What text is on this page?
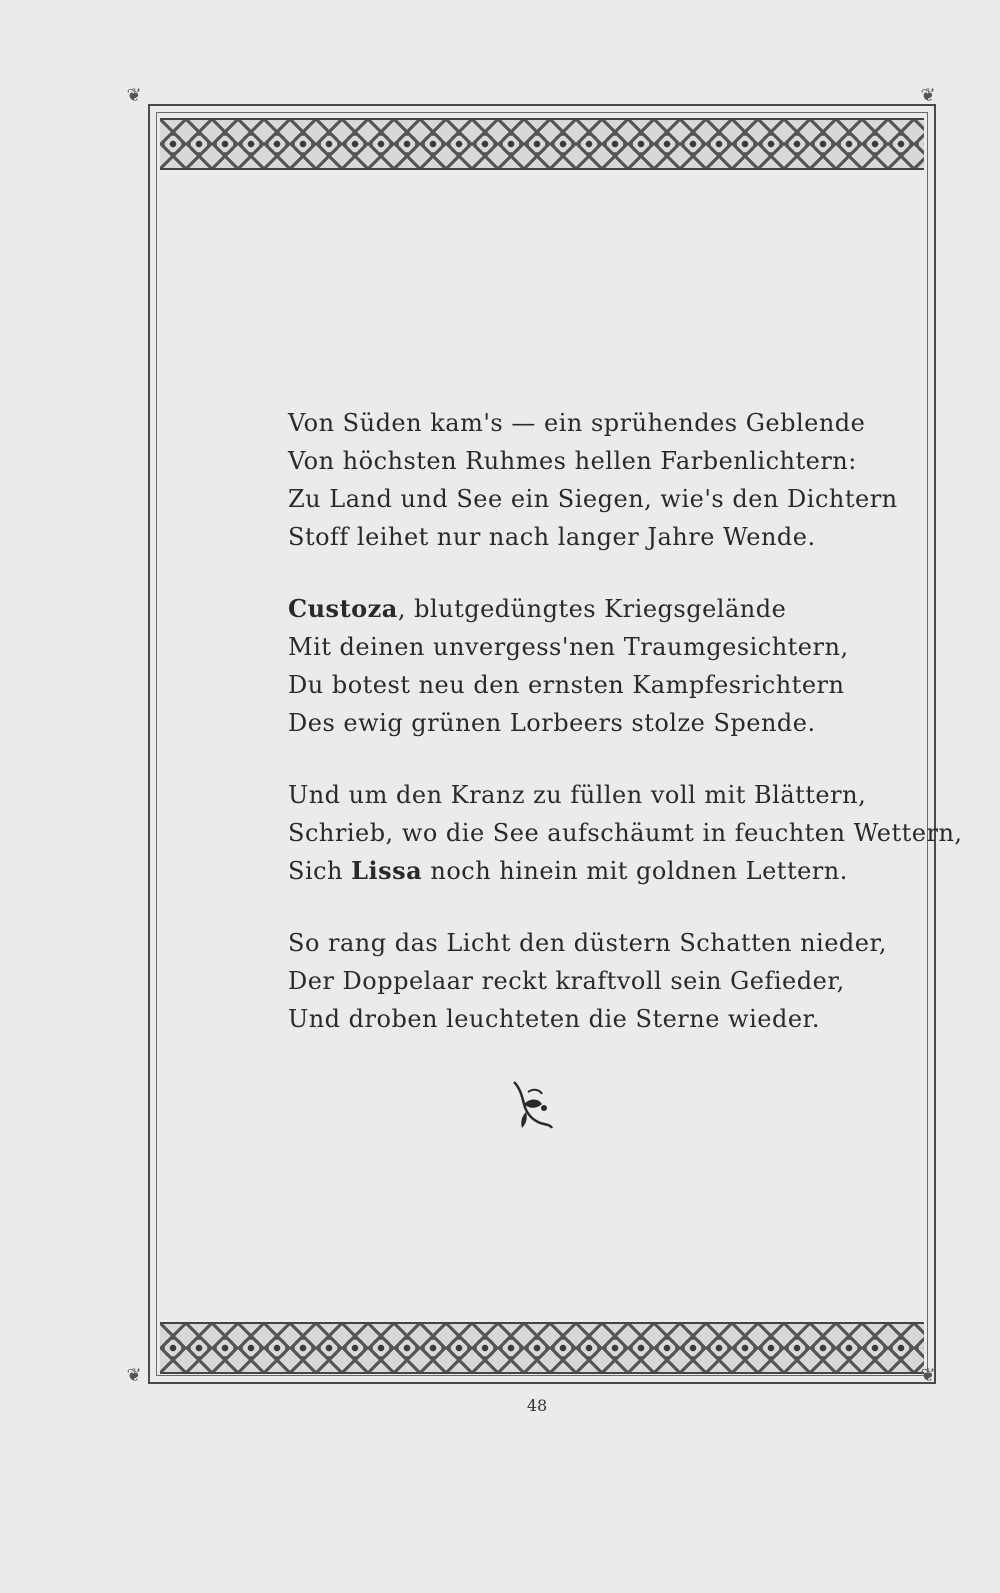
❦	❦
❦	❦
Von Süden kam's — ein sprühendes Geblende
Von höchsten Ruhmes hellen Farbenlichtern:
Zu Land und See ein Siegen, wie's den Dichtern
Stoff leihet nur nach langer Jahre Wende.
Custoza, blutgedüngtes Kriegsgelände
Mit deinen unvergess'nen Traumgesichtern,
Du botest neu den ernsten Kampfesrichtern
Des ewig grünen Lorbeers stolze Spende.
Und um den Kranz zu füllen voll mit Blättern,
Schrieb, wo die See aufschäumt in feuchten Wettern,
Sich Lissa noch hinein mit goldnen Lettern.
So rang das Licht den düstern Schatten nieder,
Der Doppelaar reckt kraftvoll sein Gefieder,
Und droben leuchteten die Sterne wieder.
48
